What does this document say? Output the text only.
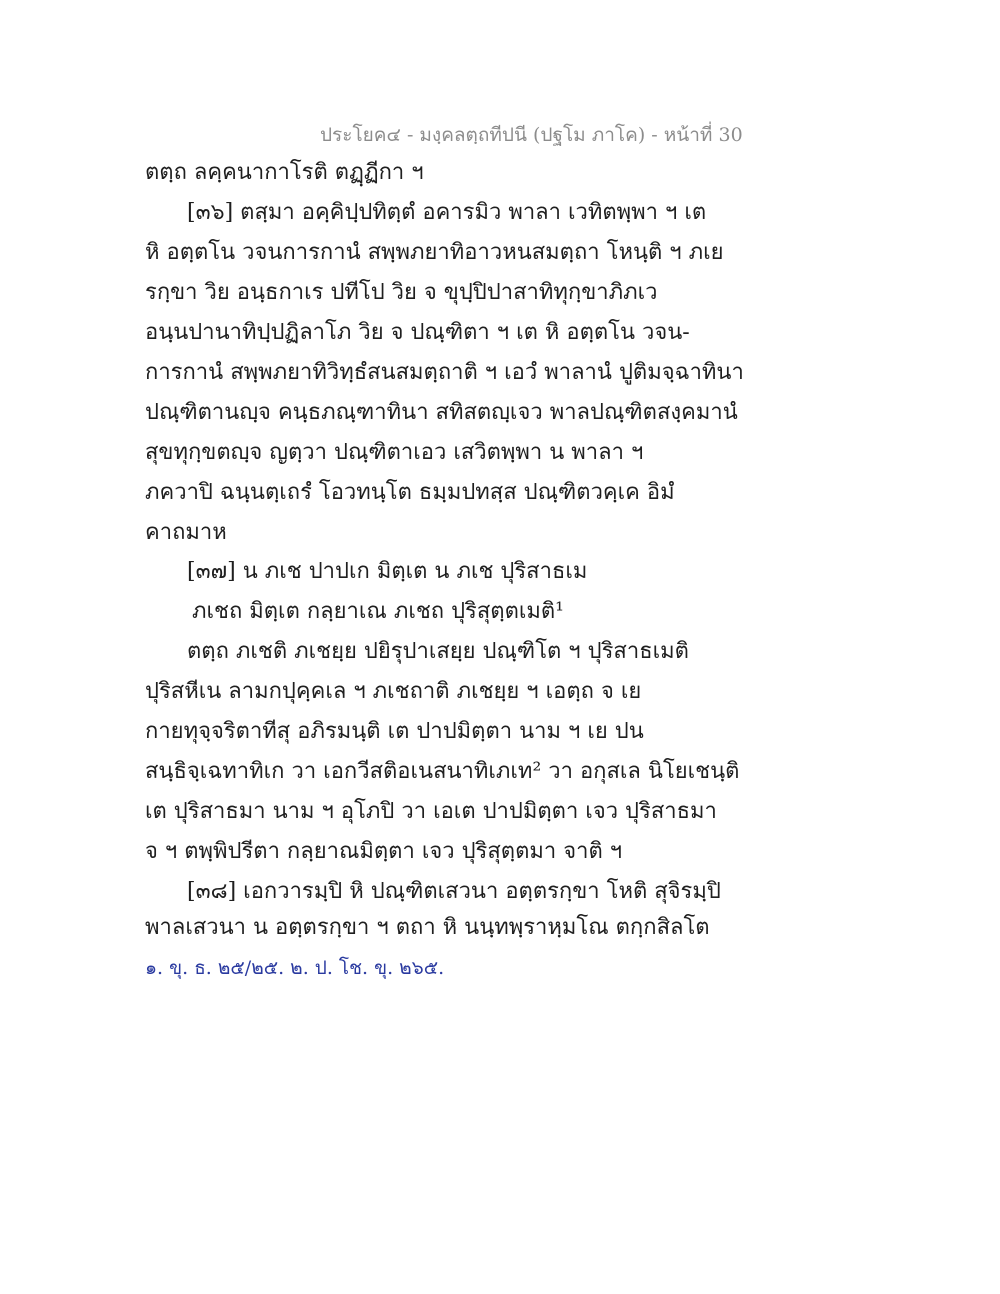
ประโยค๔ - มงฺคลตฺถทีปนี (ปฐโม ภาโค) - หน้าที่ 30
ตตฺถ ลคฺคนากาโรติ ตฏฺฏีกา ฯ
[๓๖] ตสฺมา อคฺคิปฺปทิตฺตํ อคารมิว พาลา เวทิตพฺพา ฯ เต
หิ อตฺตโน วจนการกานํ สพฺพภยาทิอาวหนสมตฺถา โหนฺติ ฯ ภเย
รกฺขา วิย อนฺธกาเร ปทีโป วิย จ ขุปฺปิปาสาทิทุกฺขาภิภเว
อนฺนปานาทิปฺปฏิลาโภ วิย จ ปณฺฑิตา ฯ เต หิ อตฺตโน วจน-
การกานํ สพฺพภยาทิวิทฺธํสนสมตฺถาติ ฯ เอวํ พาลานํ ปูติมจฺฉาทินา
ปณฺฑิตานญฺจ คนฺธภณฺฑาทินา สทิสตญฺเจว พาลปณฺฑิตสงฺคมานํ
สุขทุกฺขตญฺจ ญตฺวา ปณฺฑิตาเอว เสวิตพฺพา น พาลา ฯ
ภควาปิ ฉนฺนตฺเถรํ โอวทนฺโต ธมฺมปทสฺส ปณฺฑิตวคฺเค อิมํ
คาถมาห
[๓๗] น ภเช ปาปเก มิตฺเต น ภเช ปุริสาธเม
ภเชถ มิตฺเต กลฺยาเณ ภเชถ ปุริสุตฺตเมติ¹
ตตฺถ ภเชติ ภเชยฺย ปยิรุปาเสยฺย ปณฺฑิโต ฯ ปุริสาธเมติ
ปุริสหีเน ลามกปุคฺคเล ฯ ภเชถาติ ภเชยฺย ฯ เอตฺถ จ เย
กายทุจฺจริตาทีสุ อภิรมนฺติ เต ปาปมิตฺตา นาม ฯ เย ปน
สนฺธิจฺเฉทาทิเก วา เอกวีสติอเนสนาทิเภเท² วา อกุสเล นิโยเชนฺติ
เต ปุริสาธมา นาม ฯ อุโภปิ วา เอเต ปาปมิตฺตา เจว ปุริสาธมา
จ ฯ ตพฺพิปรีตา กลฺยาณมิตฺตา เจว ปุริสุตฺตมา จาติ ฯ
[๓๘] เอกวารมฺปิ หิ ปณฺฑิตเสวนา อตฺตรกฺขา โหติ สุจิรมฺปิ
พาลเสวนา น อตฺตรกฺขา ฯ ตถา หิ นนฺทพฺราหฺมโณ ตกฺกสิลโต
๑. ขุ. ธ. ๒๕/๒๕. ๒. ป. โช. ขุ. ๒๖๕.
